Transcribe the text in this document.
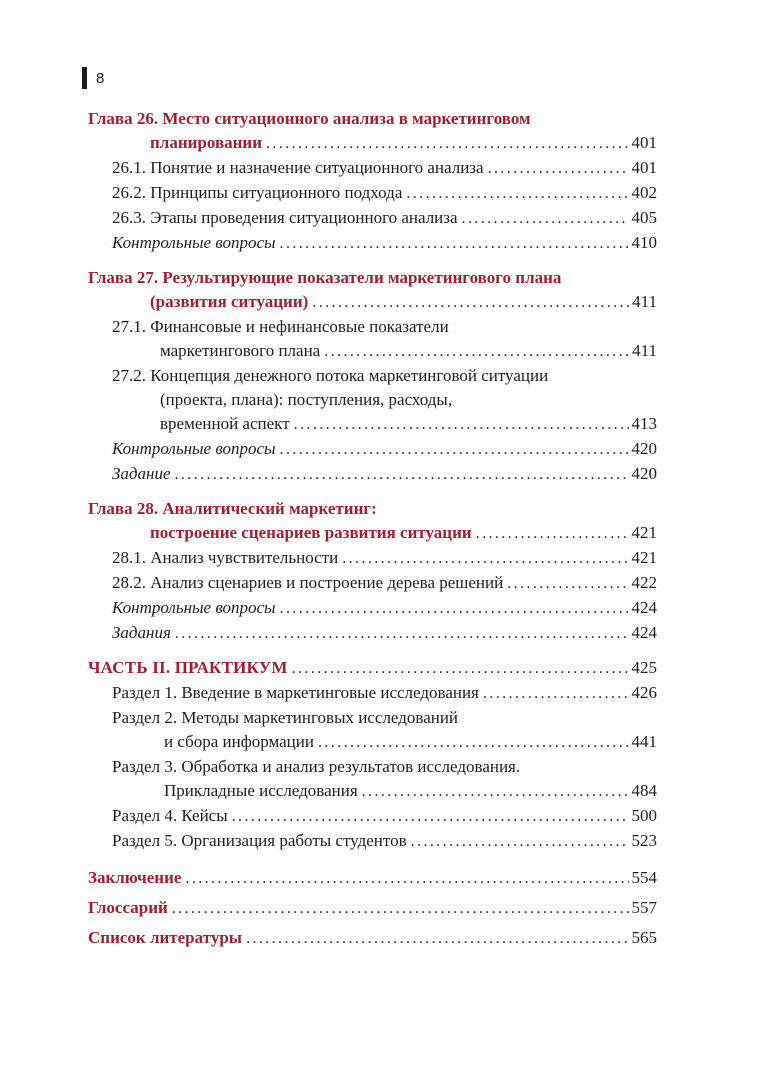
8
Глава 26. Место ситуационного анализа в маркетинговом
планировании .....	401
26.1. Понятие и назначение ситуационного анализа .....	401
26.2. Принципы ситуационного подхода .....	402
26.3. Этапы проведения ситуационного анализа .....	405
Контрольные вопросы .....	410
Глава 27. Результирующие показатели маркетингового плана
(развития ситуации) .....	411
27.1. Финансовые и нефинансовые показатели
маркетингового плана .....	411
27.2. Концепция денежного потока маркетинговой ситуации
(проекта, плана): поступления, расходы,
временной аспект .....	413
Контрольные вопросы .....	420
Задание .....	420
Глава 28. Аналитический маркетинг:
построение сценариев развития ситуации .....	421
28.1. Анализ чувствительности .....	421
28.2. Анализ сценариев и построение дерева решений .....	422
Контрольные вопросы .....	424
Задания .....	424
ЧАСТЬ II. ПРАКТИКУМ .....	425
Раздел 1. Введение в маркетинговые исследования .....	426
Раздел 2. Методы маркетинговых исследований
и сбора информации .....	441
Раздел 3. Обработка и анализ результатов исследования.
Прикладные исследования .....	484
Раздел 4. Кейсы .....	500
Раздел 5. Организация работы студентов .....	523
Заключение .....	554
Глоссарий .....	557
Список литературы .....	565
